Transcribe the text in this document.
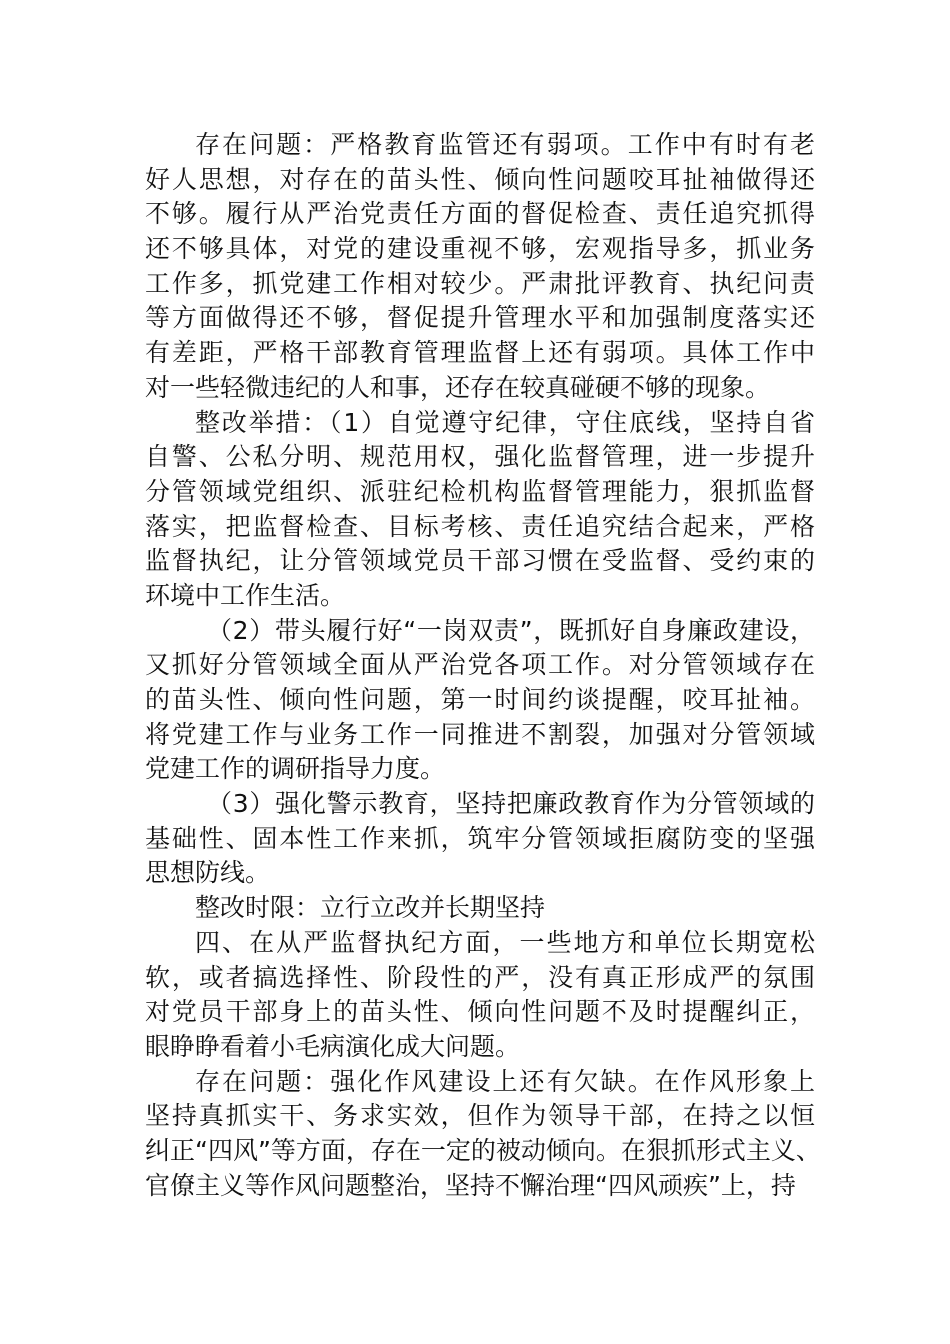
存在问题：严格教育监管还有弱项。工作中有时有老
好人思想，对存在的苗头性、倾向性问题咬耳扯袖做得还
不够。履行从严治党责任方面的督促检查、责任追究抓得
还不够具体，对党的建设重视不够，宏观指导多，抓业务
工作多，抓党建工作相对较少。严肃批评教育、执纪问责
等方面做得还不够，督促提升管理水平和加强制度落实还
有差距，严格干部教育管理监督上还有弱项。具体工作中
对一些轻微违纪的人和事，还存在较真碰硬不够的现象。
整改举措：（1）自觉遵守纪律，守住底线，坚持自省
自警、公私分明、规范用权，强化监督管理，进一步提升
分管领域党组织、派驻纪检机构监督管理能力，狠抓监督
落实，把监督检查、目标考核、责任追究结合起来，严格
监督执纪，让分管领域党员干部习惯在受监督、受约束的
环境中工作生活。
（2）带头履行好“一岗双责”，既抓好自身廉政建设，
又抓好分管领域全面从严治党各项工作。对分管领域存在
的苗头性、倾向性问题，第一时间约谈提醒，咬耳扯袖。
将党建工作与业务工作一同推进不割裂，加强对分管领域
党建工作的调研指导力度。
（3）强化警示教育，坚持把廉政教育作为分管领域的
基础性、固本性工作来抓，筑牢分管领域拒腐防变的坚强
思想防线。
整改时限：立行立改并长期坚持
四、在从严监督执纪方面，一些地方和单位长期宽松
软，或者搞选择性、阶段性的严，没有真正形成严的氛围
对党员干部身上的苗头性、倾向性问题不及时提醒纠正，
眼睁睁看着小毛病演化成大问题。
存在问题：强化作风建设上还有欠缺。在作风形象上
坚持真抓实干、务求实效，但作为领导干部，在持之以恒
纠正“四风”等方面，存在一定的被动倾向。在狠抓形式主义、
官僚主义等作风问题整治，坚持不懈治理“四风顽疾”上，持
